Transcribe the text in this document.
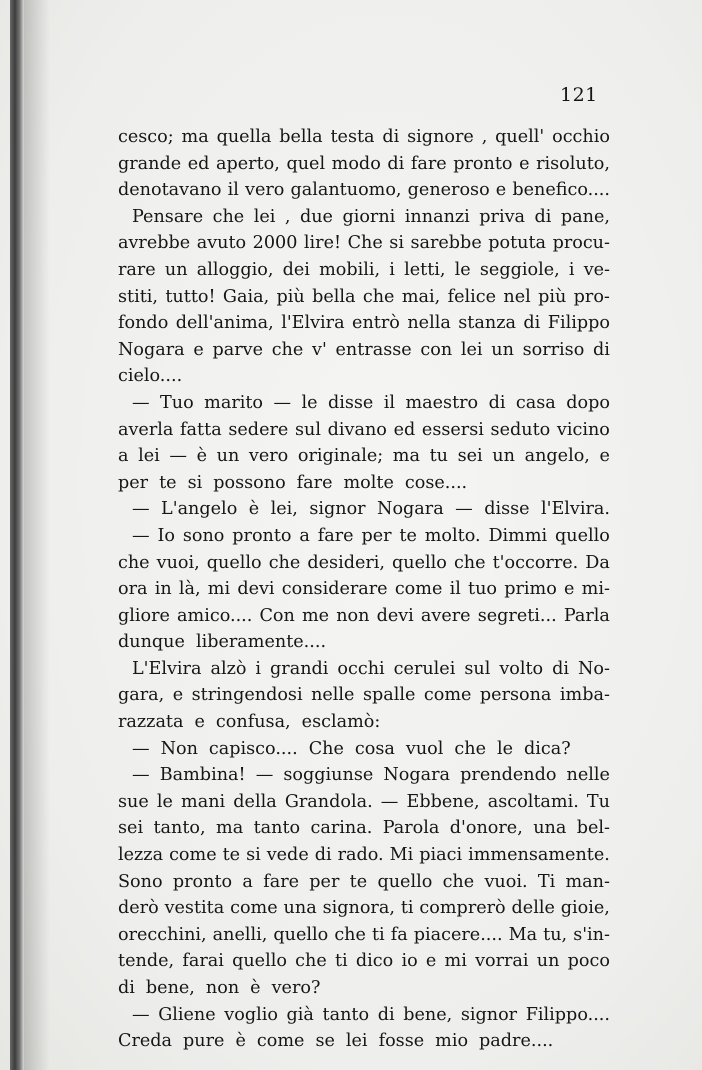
121
cesco; ma quella bella testa di signore , quell' occhio
grande ed aperto, quel modo di fare pronto e risoluto,
denotavano il vero galantuomo, generoso e benefico....
Pensare che lei , due giorni innanzi priva di pane,
avrebbe avuto 2000 lire! Che si sarebbe potuta procu-
rare un alloggio, dei mobili, i letti, le seggiole, i ve-
stiti, tutto! Gaia, più bella che mai, felice nel più pro-
fondo dell'anima, l'Elvira entrò nella stanza di Filippo
Nogara e parve che v' entrasse con lei un sorriso di
cielo....
— Tuo marito — le disse il maestro di casa dopo
averla fatta sedere sul divano ed essersi seduto vicino
a lei — è un vero originale; ma tu sei un angelo, e
per te si possono fare molte cose....
— L'angelo è lei, signor Nogara — disse l'Elvira.
— Io sono pronto a fare per te molto. Dimmi quello
che vuoi, quello che desideri, quello che t'occorre. Da
ora in là, mi devi considerare come il tuo primo e mi-
gliore amico.... Con me non devi avere segreti... Parla
dunque liberamente....
L'Elvira alzò i grandi occhi cerulei sul volto di No-
gara, e stringendosi nelle spalle come persona imba-
razzata e confusa, esclamò:
— Non capisco.... Che cosa vuol che le dica?
— Bambina! — soggiunse Nogara prendendo nelle
sue le mani della Grandola. — Ebbene, ascoltami. Tu
sei tanto, ma tanto carina. Parola d'onore, una bel-
lezza come te si vede di rado. Mi piaci immensamente.
Sono pronto a fare per te quello che vuoi. Ti man-
derò vestita come una signora, ti comprerò delle gioie,
orecchini, anelli, quello che ti fa piacere.... Ma tu, s'in-
tende, farai quello che ti dico io e mi vorrai un poco
di bene, non è vero?
— Gliene voglio già tanto di bene, signor Filippo....
Creda pure è come se lei fosse mio padre....
